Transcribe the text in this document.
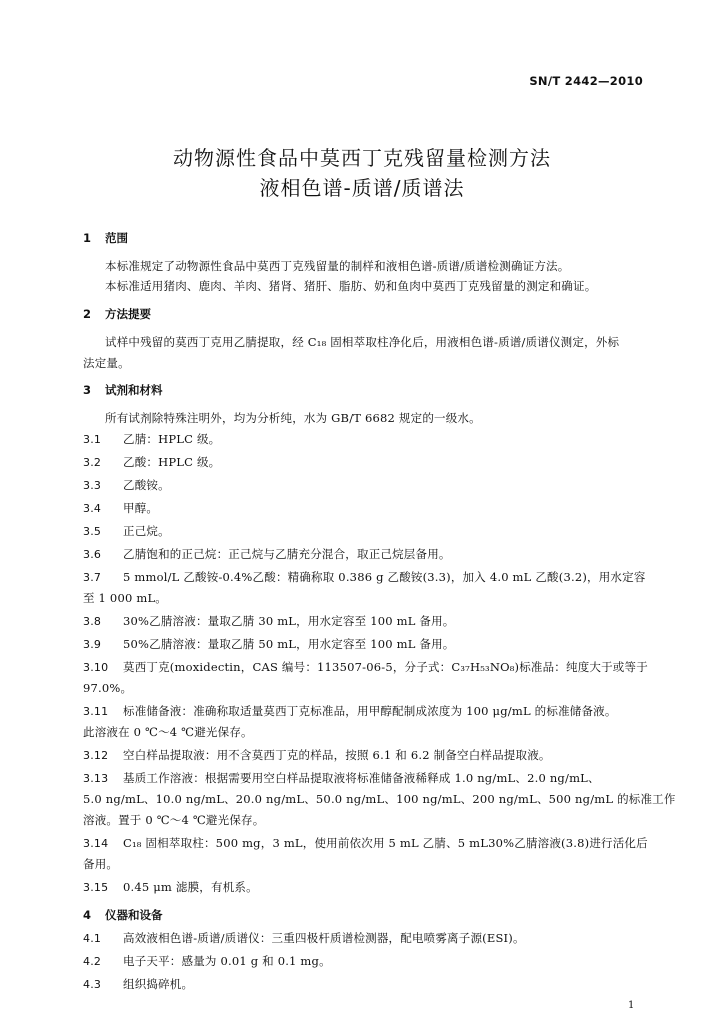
SN/T 2442—2010
动物源性食品中莫西丁克残留量检测方法
液相色谱-质谱/质谱法
1 范围
本标准规定了动物源性食品中莫西丁克残留量的制样和液相色谱-质谱/质谱检测确证方法。
本标准适用猪肉、鹿肉、羊肉、猪肾、猪肝、脂肪、奶和鱼肉中莫西丁克残留量的测定和确证。
2 方法提要
试样中残留的莫西丁克用乙腈提取，经 C₁₈ 固相萃取柱净化后，用液相色谱-质谱/质谱仪测定，外标
法定量。
3 试剂和材料
所有试剂除特殊注明外，均为分析纯，水为 GB/T 6682 规定的一级水。
3.1 乙腈：HPLC 级。
3.2 乙酸：HPLC 级。
3.3 乙酸铵。
3.4 甲醇。
3.5 正己烷。
3.6 乙腈饱和的正己烷：正己烷与乙腈充分混合，取正己烷层备用。
3.7 5 mmol/L 乙酸铵-0.4%乙酸：精确称取 0.386 g 乙酸铵(3.3)，加入 4.0 mL 乙酸(3.2)，用水定容
至 1 000 mL。
3.8 30%乙腈溶液：量取乙腈 30 mL，用水定容至 100 mL 备用。
3.9 50%乙腈溶液：量取乙腈 50 mL，用水定容至 100 mL 备用。
3.10 莫西丁克(moxidectin，CAS 编号：113507-06-5，分子式：C₃₇H₅₃NO₈)标准品：纯度大于或等于
97.0%。
3.11 标准储备液：准确称取适量莫西丁克标准品，用甲醇配制成浓度为 100 μg/mL 的标准储备液。
此溶液在 0 ℃～4 ℃避光保存。
3.12 空白样品提取液：用不含莫西丁克的样品，按照 6.1 和 6.2 制备空白样品提取液。
3.13 基质工作溶液：根据需要用空白样品提取液将标准储备液稀释成 1.0 ng/mL、2.0 ng/mL、
5.0 ng/mL、10.0 ng/mL、20.0 ng/mL、50.0 ng/mL、100 ng/mL、200 ng/mL、500 ng/mL 的标准工作
溶液。置于 0 ℃～4 ℃避光保存。
3.14 C₁₈ 固相萃取柱：500 mg，3 mL，使用前依次用 5 mL 乙腈、5 mL30%乙腈溶液(3.8)进行活化后
备用。
3.15 0.45 μm 滤膜，有机系。
4 仪器和设备
4.1 高效液相色谱-质谱/质谱仪：三重四极杆质谱检测器，配电喷雾离子源(ESI)。
4.2 电子天平：感量为 0.01 g 和 0.1 mg。
4.3 组织捣碎机。
1
